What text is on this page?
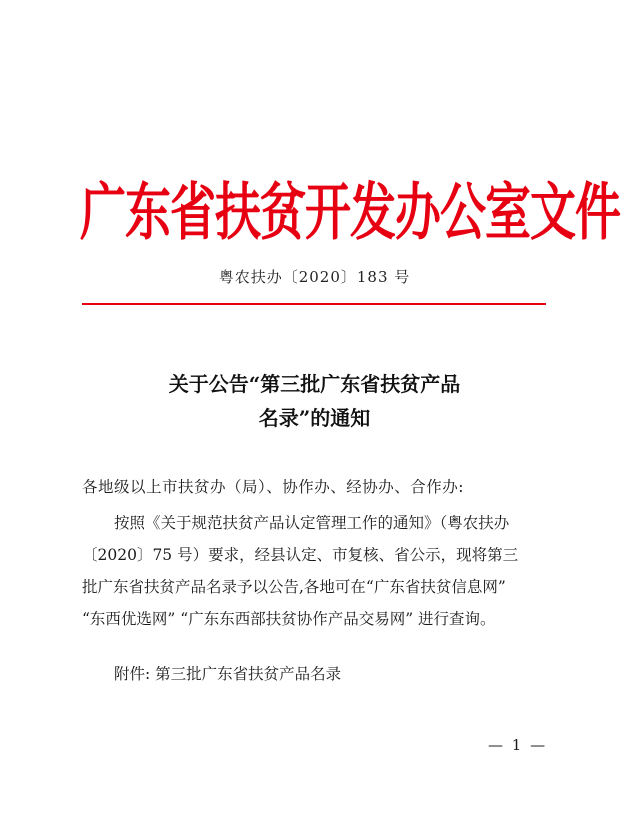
广东省扶贫开发办公室文件
粤农扶办〔2020〕183 号
关于公告“第三批广东省扶贫产品
名录”的通知
各地级以上市扶贫办（局）、协作办、经协办、合作办:
按照《关于规范扶贫产品认定管理工作的通知》（粤农扶办
〔2020〕75 号）要求，经县认定、市复核、省公示，现将第三
批广东省扶贫产品名录予以公告,各地可在“广东省扶贫信息网”
“东西优选网” “广东东西部扶贫协作产品交易网” 进行查询。
附件: 第三批广东省扶贫产品名录
— 1 —
